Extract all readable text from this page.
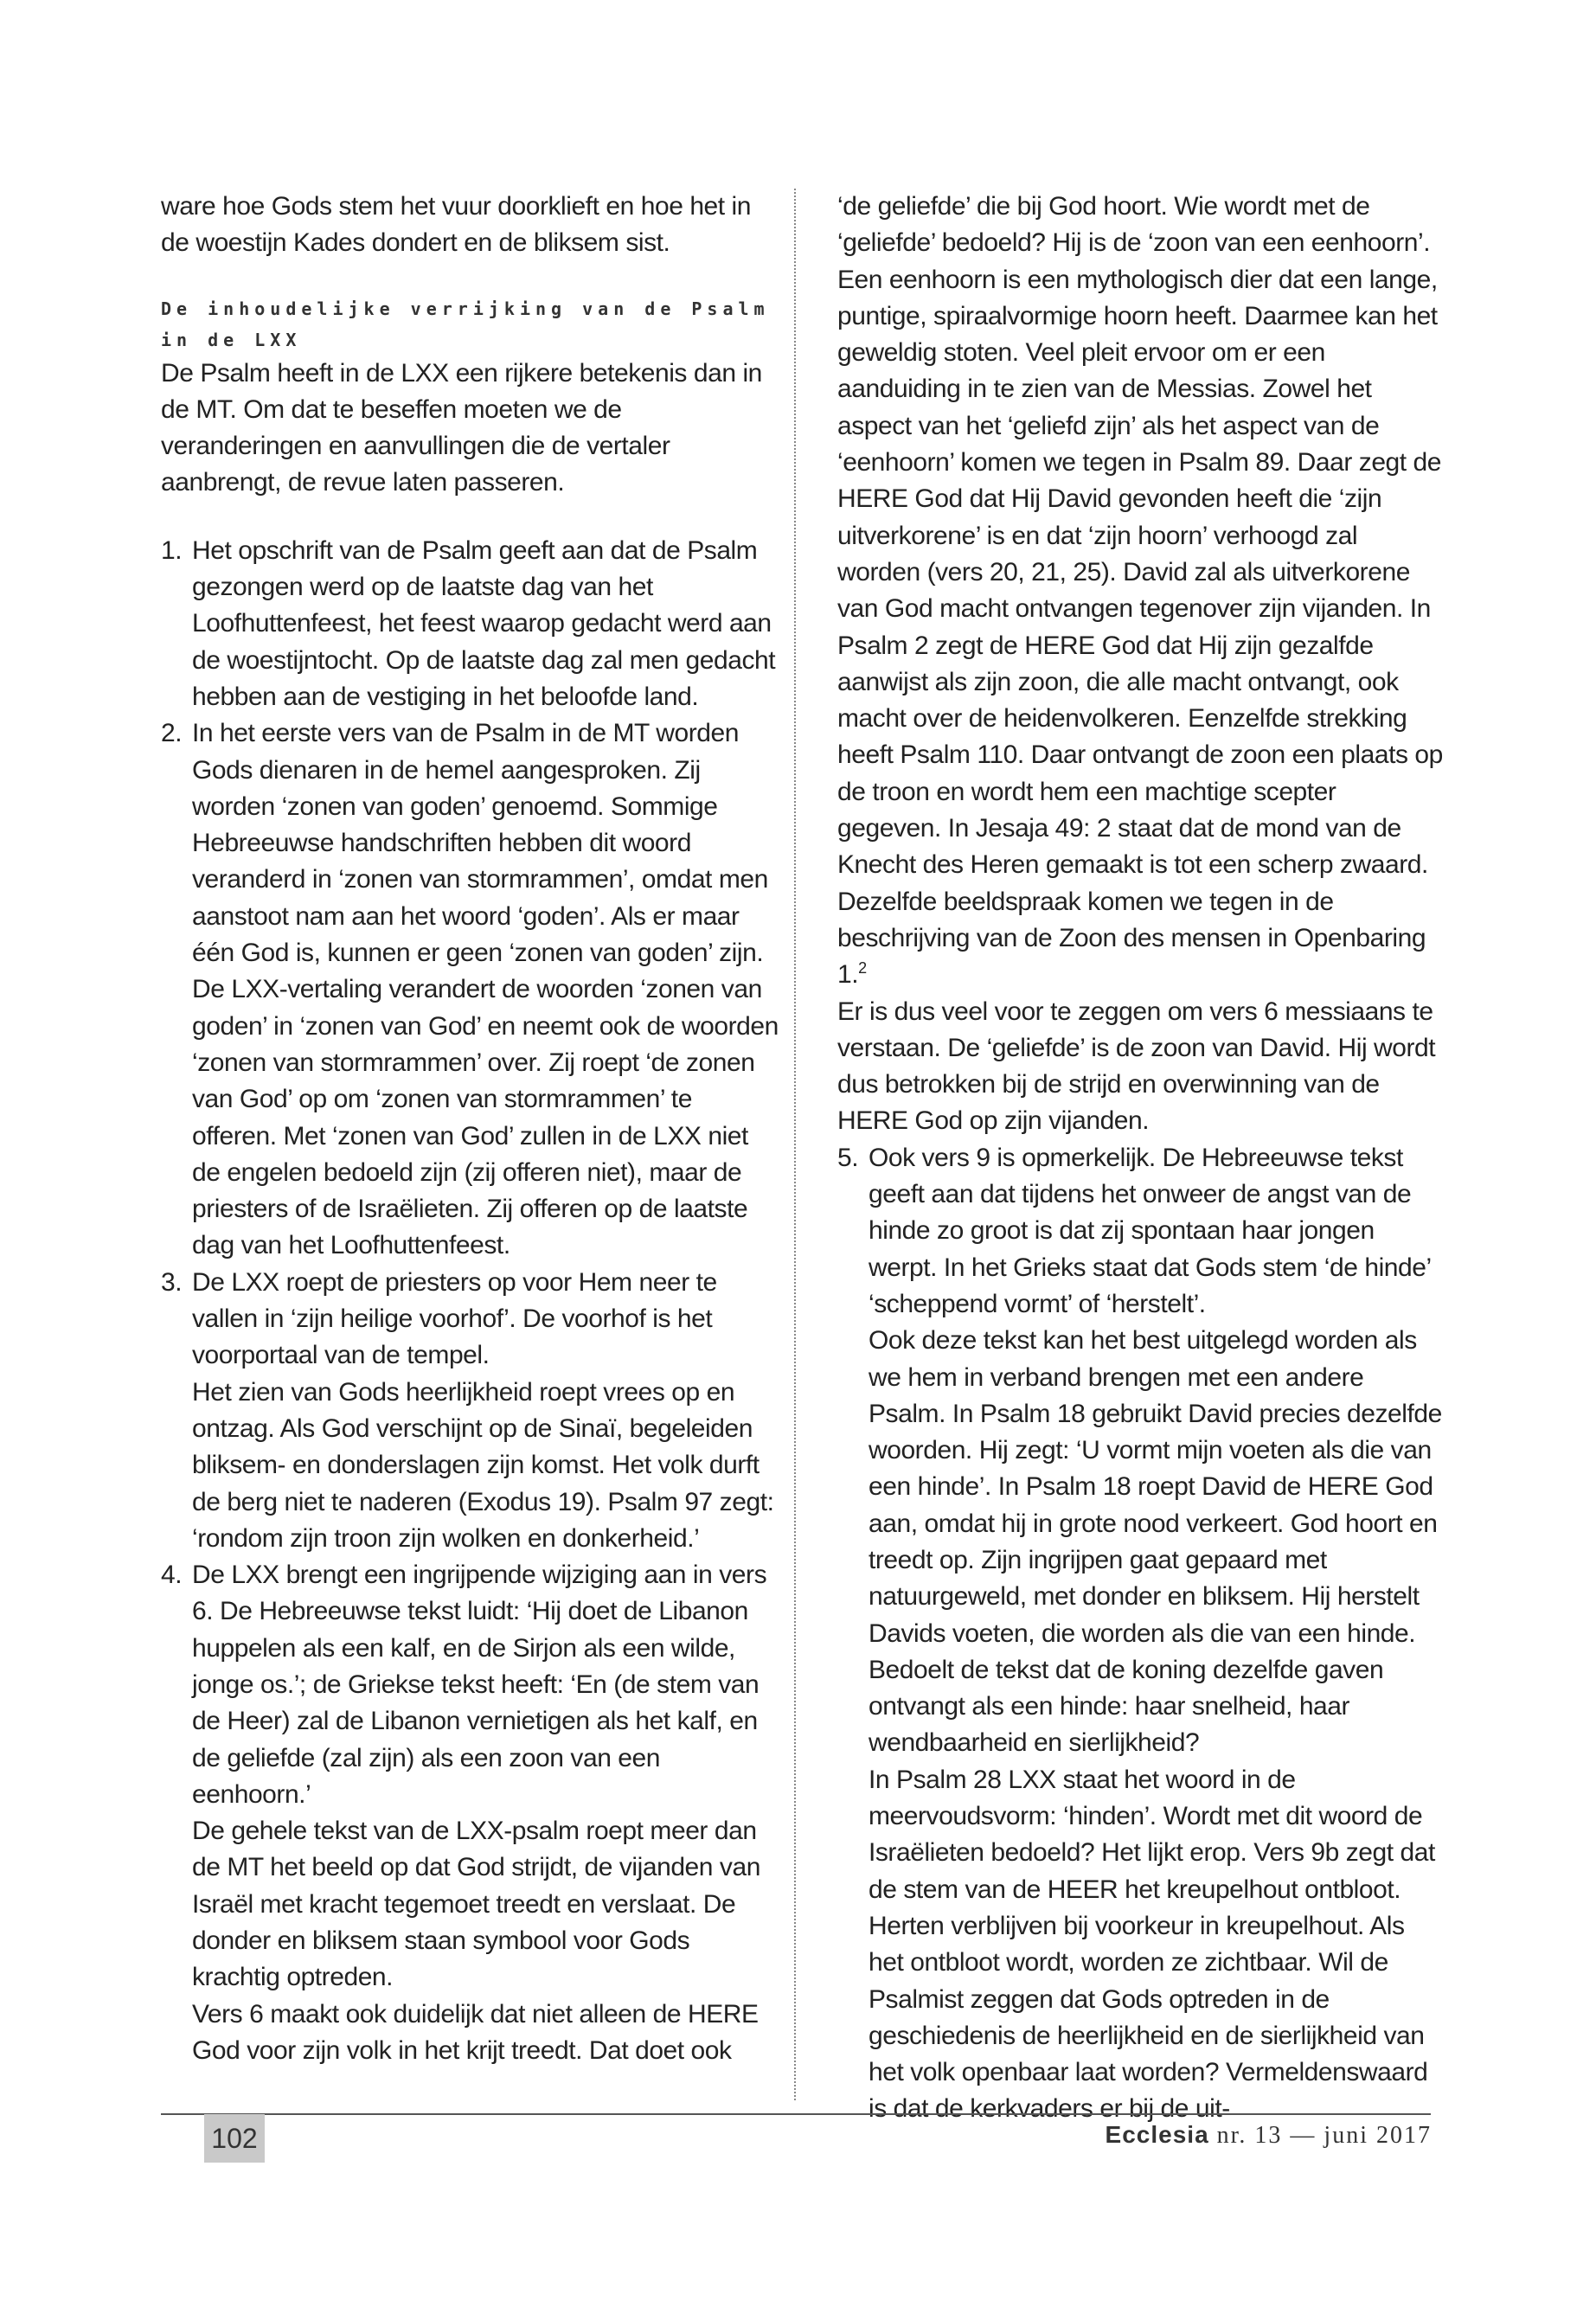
ware hoe Gods stem het vuur doorklieft en hoe het in de woestijn Kades dondert en de bliksem sist.

De inhoudelijke verrijking van de Psalm in de LXX

De Psalm heeft in de LXX een rijkere betekenis dan in de MT. Om dat te beseffen moeten we de veranderingen en aanvullingen die de vertaler aanbrengt, de revue laten passeren.

1. Het opschrift van de Psalm geeft aan dat de Psalm gezongen werd op de laatste dag van het Loofhuttenfeest, het feest waarop gedacht werd aan de woestijntocht. Op de laatste dag zal men gedacht hebben aan de vestiging in het beloofde land.

2. In het eerste vers van de Psalm in de MT worden Gods dienaren in de hemel aangesproken. Zij worden ‘zonen van goden’ genoemd. Sommige Hebreeuwse handschriften hebben dit woord veranderd in ‘zonen van stormrammen’, omdat men aanstoot nam aan het woord ‘goden’. Als er maar één God is, kunnen er geen ‘zonen van goden’ zijn. De LXX-vertaling verandert de woorden ‘zonen van goden’ in ‘zonen van God’ en neemt ook de woorden ‘zonen van stormrammen’ over. Zij roept ‘de zonen van God’ op om ‘zonen van stormrammen’ te offeren. Met ‘zonen van God’ zullen in de LXX niet de engelen bedoeld zijn (zij offeren niet), maar de priesters of de Israëlieten. Zij offeren op de laatste dag van het Loofhuttenfeest.

3. De LXX roept de priesters op voor Hem neer te vallen in ‘zijn heilige voorhof’. De voorhof is het voorportaal van de tempel.

Het zien van Gods heerlijkheid roept vrees op en ontzag. Als God verschijnt op de Sinaï, begeleiden bliksem- en donderslagen zijn komst. Het volk durft de berg niet te naderen (Exodus 19). Psalm 97 zegt: ‘rondom zijn troon zijn wolken en donkerheid.’

4. De LXX brengt een ingrijpende wijziging aan in vers 6. De Hebreeuwse tekst luidt: ‘Hij doet de Libanon huppelen als een kalf, en de Sirjon als een wilde, jonge os.’; de Griekse tekst heeft: ‘En (de stem van de Heer) zal de Libanon vernietigen als het kalf, en de geliefde (zal zijn) als een zoon van een eenhoorn.’

De gehele tekst van de LXX-psalm roept meer dan de MT het beeld op dat God strijdt, de vijanden van Israël met kracht tegemoet treedt en verslaat. De donder en bliksem staan symbool voor Gods krachtig optreden.

Vers 6 maakt ook duidelijk dat niet alleen de HERE God voor zijn volk in het krijt treedt. Dat doet ook

‘de geliefde’ die bij God hoort. Wie wordt met de ‘geliefde’ bedoeld? Hij is de ‘zoon van een eenhoorn’. Een eenhoorn is een mythologisch dier dat een lange, puntige, spiraalvormige hoorn heeft. Daarmee kan het geweldig stoten. Veel pleit ervoor om er een aanduiding in te zien van de Messias. Zowel het aspect van het ‘geliefd zijn’ als het aspect van de ‘eenhoorn’ komen we tegen in Psalm 89. Daar zegt de HERE God dat Hij David gevonden heeft die ‘zijn uitverkorene’ is en dat ‘zijn hoorn’ verhoogd zal worden (vers 20, 21, 25). David zal als uitverkorene van God macht ontvangen tegenover zijn vijanden. In Psalm 2 zegt de HERE God dat Hij zijn gezalfde aanwijst als zijn zoon, die alle macht ontvangt, ook macht over de heidenvolkeren. Eenzelfde strekking heeft Psalm 110. Daar ontvangt de zoon een plaats op de troon en wordt hem een machtige scepter gegeven. In Jesaja 49: 2 staat dat de mond van de Knecht des Heren gemaakt is tot een scherp zwaard. Dezelfde beeldspraak komen we tegen in de beschrijving van de Zoon des mensen in Openbaring 1.$^2$

Er is dus veel voor te zeggen om vers 6 messiaans te verstaan. De ‘geliefde’ is de zoon van David. Hij wordt dus betrokken bij de strijd en overwinning van de HERE God op zijn vijanden.

5. Ook vers 9 is opmerkelijk. De Hebreeuwse tekst geeft aan dat tijdens het onweer de angst van de hinde zo groot is dat zij spontaan haar jongen werpt. In het Grieks staat dat Gods stem ‘de hinde’ ‘scheppend vormt’ of ‘herstelt’.

Ook deze tekst kan het best uitgelegd worden als we hem in verband brengen met een andere Psalm. In Psalm 18 gebruikt David precies dezelfde woorden. Hij zegt: ‘U vormt mijn voeten als die van een hinde’. In Psalm 18 roept David de HERE God aan, omdat hij in grote nood verkeert. God hoort en treedt op. Zijn ingrijpen gaat gepaard met natuurgeweld, met donder en bliksem. Hij herstelt Davids voeten, die worden als die van een hinde. Bedoelt de tekst dat de koning dezelfde gaven ontvangt als een hinde: haar snelheid, haar wendbaarheid en sierlijkheid?

In Psalm 28 LXX staat het woord in de meervoudsvorm: ‘hinden’. Wordt met dit woord de Israëlieten bedoeld? Het lijkt erop. Vers 9b zegt dat de stem van de HEER het kreupelhout ontbloot. Herten verblijven bij voorkeur in kreupelhout. Als het ontbloot wordt, worden ze zichtbaar. Wil de Psalmist zeggen dat Gods optreden in de geschiedenis de heerlijkheid en de sierlijkheid van het volk openbaar laat worden? Vermeldenswaard is dat de kerkvaders er bij de uit-

102	Ecclesia nr. 13 — juni 2017
